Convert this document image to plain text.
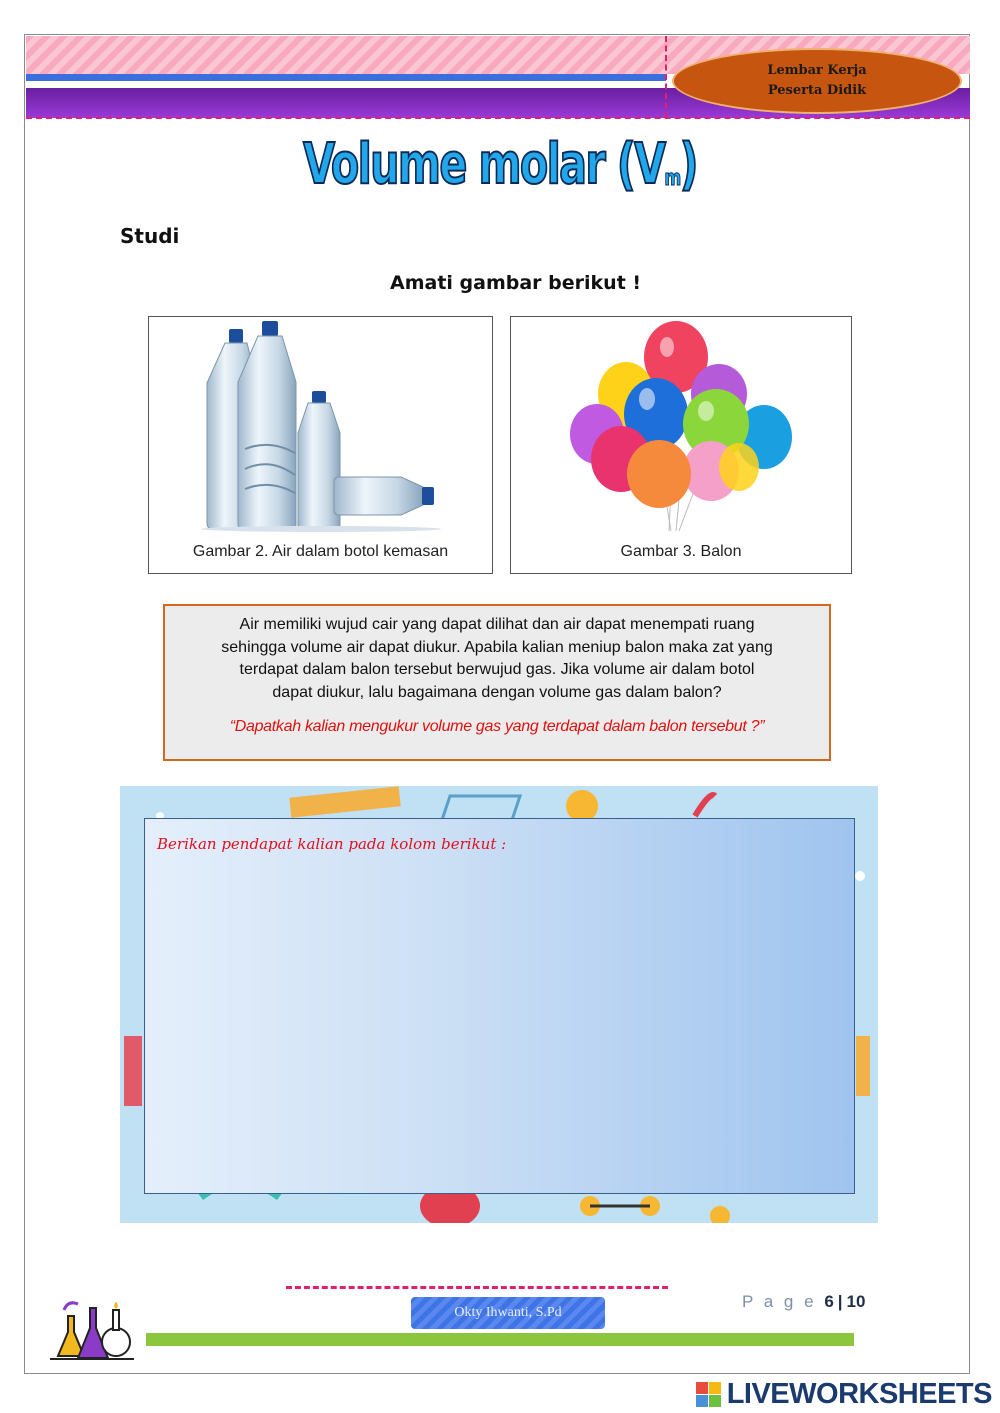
Lembar Kerja
Peserta Didik
Volume molar $(V_m)$
Studi
Amati gambar berikut !
Gambar 2. Air dalam botol kemasan	Gambar 3. Balon
Air memiliki wujud cair yang dapat dilihat dan air dapat menempati ruang
sehingga volume air dapat diukur. Apabila kalian meniup balon maka zat yang
terdapat dalam balon tersebut berwujud gas. Jika volume air dalam botol
dapat diukur, lalu bagaimana dengan volume gas dalam balon?
“Dapatkah kalian mengukur volume gas yang terdapat dalam balon tersebut ?”
Berikan pendapat kalian pada kolom berikut :
Okty Ihwanti, S.Pd
P a g e 6 | 10
LIVEWORKSHEETS
